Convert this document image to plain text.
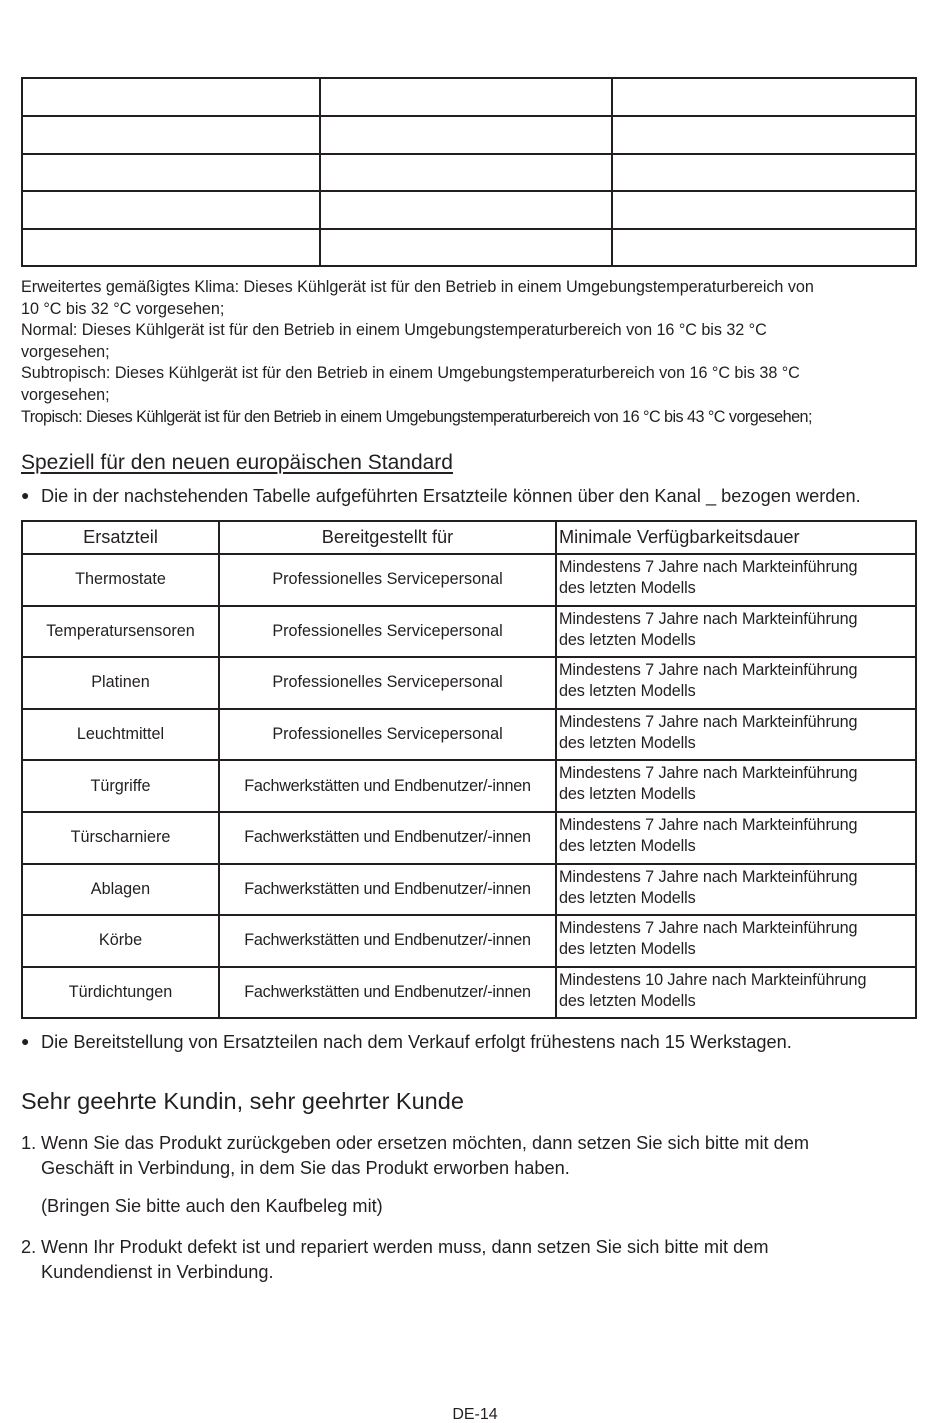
Erweitertes gemäßigtes Klima: Dieses Kühlgerät ist für den Betrieb in einem Umgebungstemperaturbereich von
10 °C bis 32 °C vorgesehen;

Normal: Dieses Kühlgerät ist für den Betrieb in einem Umgebungstemperaturbereich von 16 °C bis 32 °C
vorgesehen;

Subtropisch: Dieses Kühlgerät ist für den Betrieb in einem Umgebungstemperaturbereich von 16 °C bis 38 °C
vorgesehen;

Tropisch: Dieses Kühlgerät ist für den Betrieb in einem Umgebungstemperaturbereich von 16 °C bis 43 °C vorgesehen;

Speziell für den neuen europäischen Standard
● Die in der nachstehenden Tabelle aufgeführten Ersatzteile können über den Kanal _ bezogen werden.
Ersatzteil	Bereitgestellt für	Minimale Verfügbarkeitsdauer
Thermostate	Professionelles Servicepersonal	Mindestens 7 Jahre nach Markteinführung
des letzten Modells

Temperatursensoren	Professionelles Servicepersonal	Mindestens 7 Jahre nach Markteinführung
des letzten Modells

Platinen	Professionelles Servicepersonal	Mindestens 7 Jahre nach Markteinführung
des letzten Modells

Leuchtmittel	Professionelles Servicepersonal	Mindestens 7 Jahre nach Markteinführung
des letzten Modells

Türgriffe	Fachwerkstätten und Endbenutzer/-innen	Mindestens 7 Jahre nach Markteinführung
des letzten Modells

Türscharniere	Fachwerkstätten und Endbenutzer/-innen	Mindestens 7 Jahre nach Markteinführung
des letzten Modells

Ablagen	Fachwerkstätten und Endbenutzer/-innen	Mindestens 7 Jahre nach Markteinführung
des letzten Modells

Körbe	Fachwerkstätten und Endbenutzer/-innen	Mindestens 7 Jahre nach Markteinführung
des letzten Modells

Türdichtungen	Fachwerkstätten und Endbenutzer/-innen	Mindestens 10 Jahre nach Markteinführung
des letzten Modells
● Die Bereitstellung von Ersatzteilen nach dem Verkauf erfolgt frühestens nach 15 Werkstagen.
Sehr geehrte Kundin, sehr geehrter Kunde
1. Wenn Sie das Produkt zurückgeben oder ersetzen möchten, dann setzen Sie sich bitte mit dem
Geschäft in Verbindung, in dem Sie das Produkt erworben haben.
(Bringen Sie bitte auch den Kaufbeleg mit)
2. Wenn Ihr Produkt defekt ist und repariert werden muss, dann setzen Sie sich bitte mit dem
Kundendienst in Verbindung.
DE-14
